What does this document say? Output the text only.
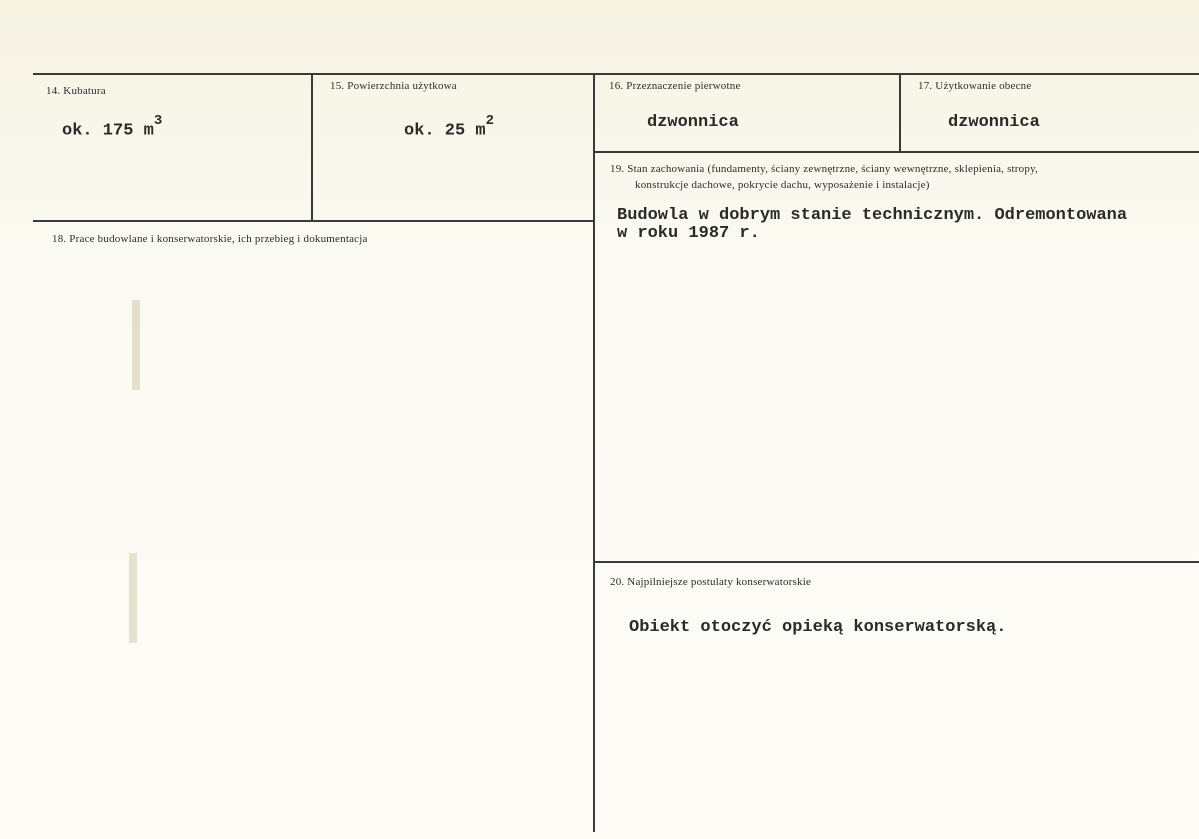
14. Kubatura
ok. 175 $m^3$
15. Powierzchnia użytkowa
ok. 25 $m^2$
16. Przeznaczenie pierwotne
dzwonnica
17. Użytkowanie obecne
dzwonnica
18. Prace budowlane i konserwatorskie, ich przebieg i dokumentacja
19. Stan zachowania (fundamenty, ściany zewnętrzne, ściany wewnętrzne, sklepienia, stropy,
konstrukcje dachowe, pokrycie dachu, wyposażenie i instalacje)
Budowla w dobrym stanie technicznym. Odremontowana
w roku 1987 r.
20. Najpilniejsze postulaty konserwatorskie
Obiekt otoczyć opieką konserwatorską.
